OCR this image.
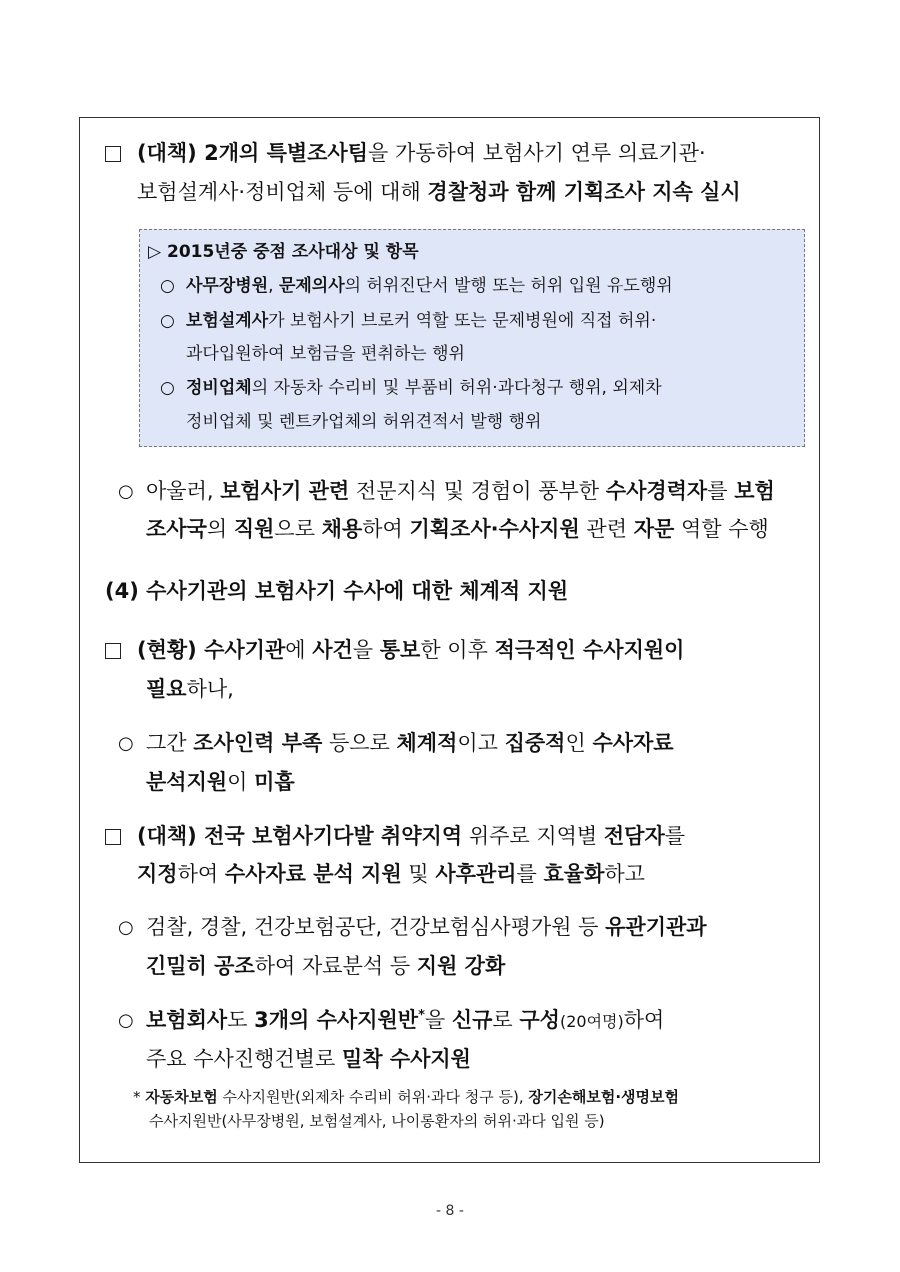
(대책) 2개의 특별조사팀을 가동하여 보험사기 연루 의료기관·
보험설계사·정비업체 등에 대해 경찰청과 함께 기획조사 지속 실시
▷ 2015년중 중점 조사대상 및 항목
○ 사무장병원, 문제의사의 허위진단서 발행 또는 허위 입원 유도행위
○ 보험설계사가 보험사기 브로커 역할 또는 문제병원에 직접 허위·
과다입원하여 보험금을 편취하는 행위
○ 정비업체의 자동차 수리비 및 부품비 허위·과다청구 행위, 외제차
정비업체 및 렌트카업체의 허위견적서 발행 행위
○ 아울러, 보험사기 관련 전문지식 및 경험이 풍부한 수사경력자를 보험
조사국의 직원으로 채용하여 기획조사·수사지원 관련 자문 역할 수행
(4) 수사기관의 보험사기 수사에 대한 체계적 지원
(현황) 수사기관에 사건을 통보한 이후 적극적인 수사지원이
필요하나,
○ 그간 조사인력 부족 등으로 체계적이고 집중적인 수사자료
분석지원이 미흡
(대책) 전국 보험사기다발 취약지역 위주로 지역별 전담자를
지정하여 수사자료 분석 지원 및 사후관리를 효율화하고
○ 검찰, 경찰, 건강보험공단, 건강보험심사평가원 등 유관기관과
긴밀히 공조하여 자료분석 등 지원 강화
○ 보험회사도 3개의 수사지원반*을 신규로 구성(20여명)하여
주요 수사진행건별로 밀착 수사지원
* 자동차보험 수사지원반(외제차 수리비 허위·과다 청구 등), 장기손해보험·생명보험
수사지원반(사무장병원, 보험설계사, 나이롱환자의 허위·과다 입원 등)
- 8 -
